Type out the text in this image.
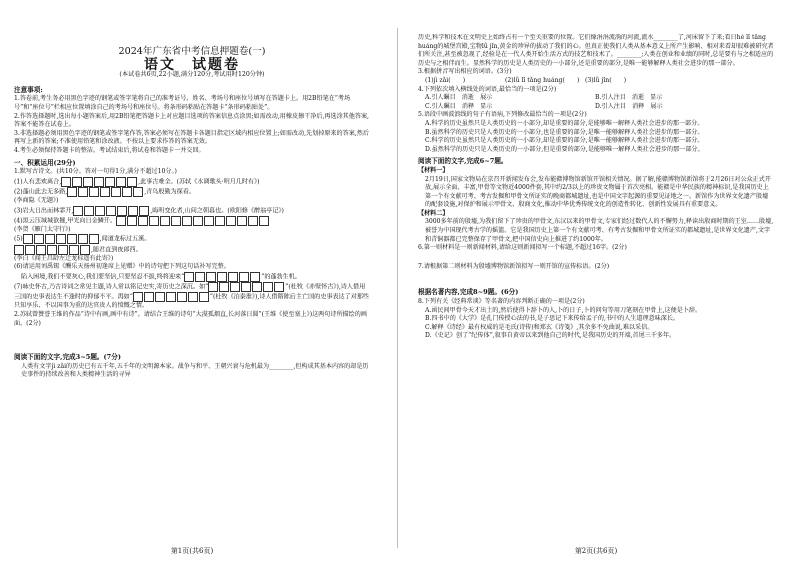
2024年广东省中考信息押题卷(一)
语文　试题卷
(本试卷共6页,22小题,满分120分,考试用时120分钟)
注意事项:

1.答卷前,考生务必用黑色字迹的钢笔或签字笔将自己的准考证号、姓名、考场号和座位号填写在答题卡上。用2B铅笔在“考场号”和“座位号”栏相应位置填涂自己的考场号和座位号。将条形码粘贴在答题卡“条形码粘贴处”。

2.作答选择题时,选出每小题答案后,用2B铅笔把答题卡上对应题目选项的答案信息点涂黑;如需改动,用橡皮擦干净后,再选涂其他答案,答案不能答在试卷上。

3.非选择题必须用黑色字迹的钢笔或签字笔作答,答案必须写在答题卡各题目指定区域内相应位置上;如需改动,先划掉原来的答案,然后再写上新的答案;不准使用铅笔和涂改液。不按以上要求作答的答案无效。

4.考生必须保持答题卡的整洁。考试结束后,将试卷和答题卡一并交回。

一、积累运用(29分)

1.默写古诗文。(共10分。答对一句得1分,满分不超过10分。)

(1)人有悲欢离合,	,此事古难全。(苏轼《水调歌头·明月几时有》)

(2)蓬山此去无多路,	,青鸟殷勤为探看。

(李商隐《无题》)

(3)岩大日出而林霏开,	,晦明变化者,山间之朝暮也。(欧阳修《醉翁亭记》)

(4)黑云压城城欲摧,甲光向日金鳞开。

(李贺《雁门太守行》)

(5)	,闻道龙标过五溪。

,随君直到夜郎西。

(李白《闻王昌龄左迁龙标遥有此寄》)

(6)请运用刘禹锡《酬乐天扬州初逢席上见赠》中的诗句把下列这句话补写完整。

陷入困境,我们不要灰心,我们要坚信,只要坚忍不拔,终将迎来“	”的蓬勃生机。

(7)咏史怀古,乃古诗词之常见主题,诗人常以铭记史实,寄历史之深沉。如“	”(杜牧《赤壁怀古》),诗人借用三国的史事表达生不逢时的抑郁不平。再如“	”(杜牧《泊秦淮》),诗人借隋陈后主亡国的史事表达了对那些只知享乐、不以国事为重的达官贵人的愤慨之情。

2.苏轼曾赞誉王维的作品“诗中有画,画中有诗”。请结合王维的诗句“大漠孤烟直,长河落日圆”(王维《使至塞上》)这两句诗所描绘的画面。(2分)

阅读下面的文字,完成3~5题。(7分)

人类有文字jì zǎi的历史已有五千年,五千年的文明源本家。战争与和平、王朝兴衰与危机最为________,但构成其基本内容的却是历史事件的持续改善和人类精神生活的寻异

历史,科学和技术在文明史上始终占有一个至关重要的位置。它们像涓涓流淌的河流,流水________了,河床留下了来;看日hé lǐ tǎng huáng的城堡宫殿,宝物lǜ jǐn,黄金的珍异的拔动了我们的心。但真正使我们人类从基本意义上所产生影响、相对来看却很难被研究者们所关注,甚至被忽视了,经验是在一代人类开始生活方式的技艺和技术了。________;人类在创业和业绩的同时,总是要有与之相适应的历史与之相伴而生。显然科学的历史是人类历史的一小部分,还是重要的部分,是唯一能够解释人类社会进步的那一部分。

3.根据拼音写出相应的词语。(3分)

(1)jì zǎi(　　)	(2)lǜ lǐ tǎng huáng(　　) (3)lǜ jǐn(　　)

4.下列依次填入横线处的词语,最恰当的一项是(2分)

A.引人瞩目　消逝　展示	B.引人注目　消逝　显示C.引人瞩目　消释　显示	D.引人注目　消释　展示

5.语段中画波浪线的句子有语病,下列修改最恰当的一项是(2分)

A.科学的历史虽然只是人类历史的一小部分,却是重要的部分,是能够唯一解释人类社会进步的那一部分。

B.虽然科学的历史只是人类历史的一小部分,也是重要的部分,是唯一能够解释人类社会进步的那一部分。

C.科学的历史虽然只是人类历史的一小部分,却是重要的部分,是唯一能够解释人类社会进步的那一部分。

D.虽然科学的历史只是人类历史的一小部分,但是重要的部分,是能够唯一解释人类社会进步的那一部分。

阅读下面的文字,完成6~7题。
【材料一】

2月19日,国家文物局在京召开新闻发布会,发布能赣博物馆新馆开馆相关情况。据了解,能赣博物馆新馆将于2月26日对公众正式开放,展示全面、丰富,甲骨等文物近4000件套,其中约2/3以上的珍贵文物属于首次亮相。能赣是中华民族的精神标识,是我国历史上第一个有文献可考、考古发掘和甲骨文所证实的晚商都城遗址,也是中国文字起源的重要见证地之一。新馆作为世界文化遗产殷墟的配套设施,对保护和展示甲骨文、殷商文化,推动中华优秀传统文化的创造性转化、创新性发展具有重要意义。

【材料二】

3000多年前的殷墟,为我们留下了珍贵的甲骨文,东汉以来的甲骨文,专家们经过数代人的不懈努力,释读出殷商时期的王室……殷墟,被誉为中国现代考古学的摇篮。它是我国历史上第一个有文献可考、有考古发掘和甲骨文所证实的都城遗址,是世界文化遗产,文字和青铜器都已完整保存了甲骨文,把中国信史向上推进了约1000年。

6.第一则材料是一则新闻材料,请给这则新闻拟写一个标题,不超过16字。(2分)

7.请根据第二则材料为殷墟博物馆新馆拟写一则开馆的宣传标语。(2分)

根据名著内容,完成8~9题。(6分)

8.下列有关《经典常谈》等名著的内容判断正确的一项是(2分)

A.函民间甲骨今天才出土的,然后使得卜辞卜的人,卜的日子,卜的问句等用刀笔刻在甲骨上,这便是卜辞。

B.四书中的《大学》是孔门传授心法的书,是子思记下来传给孟子的,书中的人生道理意味深长。

C.解释《诗经》最有权威的是毛氏(诗传)和郑玄《诗笺》,其余多不免曲说,难以采信。

D.《史记》创了“纪传体”,叙事自黄帝以来到他自己的时代,是我国历史的开端,首尾三千多年。

第1页(共6页)	第2页(共6页)
